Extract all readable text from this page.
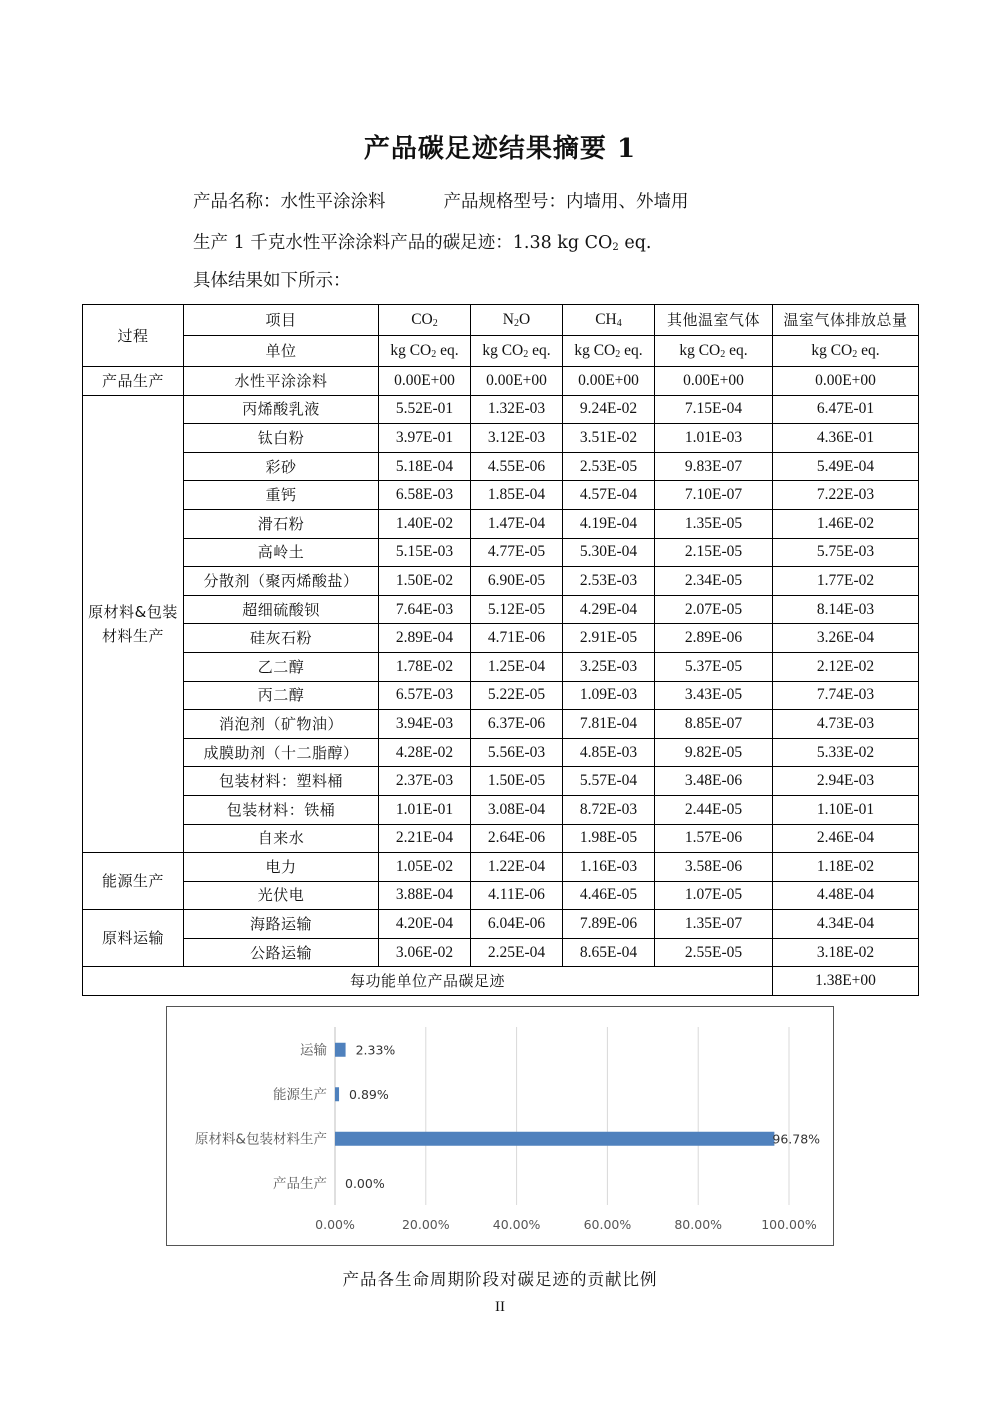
产品碳足迹结果摘要 1
产品名称：水性平涂涂料	产品规格型号：内墙用、外墙用
生产 1 千克水性平涂涂料产品的碳足迹：1.38 kg $CO_2$ eq.
具体结果如下所示：
过程	项目	$CO_2$	$N_2O$	$CH_4$	其他温室气体	温室气体排放总量
	单位	kg $CO_2$ eq.	kg $CO_2$ eq.	kg $CO_2$ eq.	kg $CO_2$ eq.	kg $CO_2$ eq.
产品生产	水性平涂涂料	0.00E+00	0.00E+00	0.00E+00	0.00E+00	0.00E+00
原材料&包装材料生产	丙烯酸乳液	5.52E-01	1.32E-03	9.24E-02	7.15E-04	6.47E-01
	钛白粉	3.97E-01	3.12E-03	3.51E-02	1.01E-03	4.36E-01
	彩砂	5.18E-04	4.55E-06	2.53E-05	9.83E-07	5.49E-04
	重钙	6.58E-03	1.85E-04	4.57E-04	7.10E-07	7.22E-03
	滑石粉	1.40E-02	1.47E-04	4.19E-04	1.35E-05	1.46E-02
	高岭土	5.15E-03	4.77E-05	5.30E-04	2.15E-05	5.75E-03
	分散剂（聚丙烯酸盐）	1.50E-02	6.90E-05	2.53E-03	2.34E-05	1.77E-02
	超细硫酸钡	7.64E-03	5.12E-05	4.29E-04	2.07E-05	8.14E-03
	硅灰石粉	2.89E-04	4.71E-06	2.91E-05	2.89E-06	3.26E-04
	乙二醇	1.78E-02	1.25E-04	3.25E-03	5.37E-05	2.12E-02
	丙二醇	6.57E-03	5.22E-05	1.09E-03	3.43E-05	7.74E-03
	消泡剂（矿物油）	3.94E-03	6.37E-06	7.81E-04	8.85E-07	4.73E-03
	成膜助剂（十二脂醇）	4.28E-02	5.56E-03	4.85E-03	9.82E-05	5.33E-02
	包装材料：塑料桶	2.37E-03	1.50E-05	5.57E-04	3.48E-06	2.94E-03
	包装材料：铁桶	1.01E-01	3.08E-04	8.72E-03	2.44E-05	1.10E-01
	自来水	2.21E-04	2.64E-06	1.98E-05	1.57E-06	2.46E-04
能源生产	电力	1.05E-02	1.22E-04	1.16E-03	3.58E-06	1.18E-02
	光伏电	3.88E-04	4.11E-06	4.46E-05	1.07E-05	4.48E-04
原料运输	海路运输	4.20E-04	6.04E-06	7.89E-06	1.35E-07	4.34E-04
	公路运输	3.06E-02	2.25E-04	8.65E-04	2.55E-05	3.18E-02
每功能单位产品碳足迹						1.38E+00
0.00%	20.00%	40.00%	60.00%	80.00%	100.00%
运输 2.33%
能源生产 0.89%
原材料&包装材料生产	96.78%
产品生产 0.00%
产品各生命周期阶段对碳足迹的贡献比例
II
